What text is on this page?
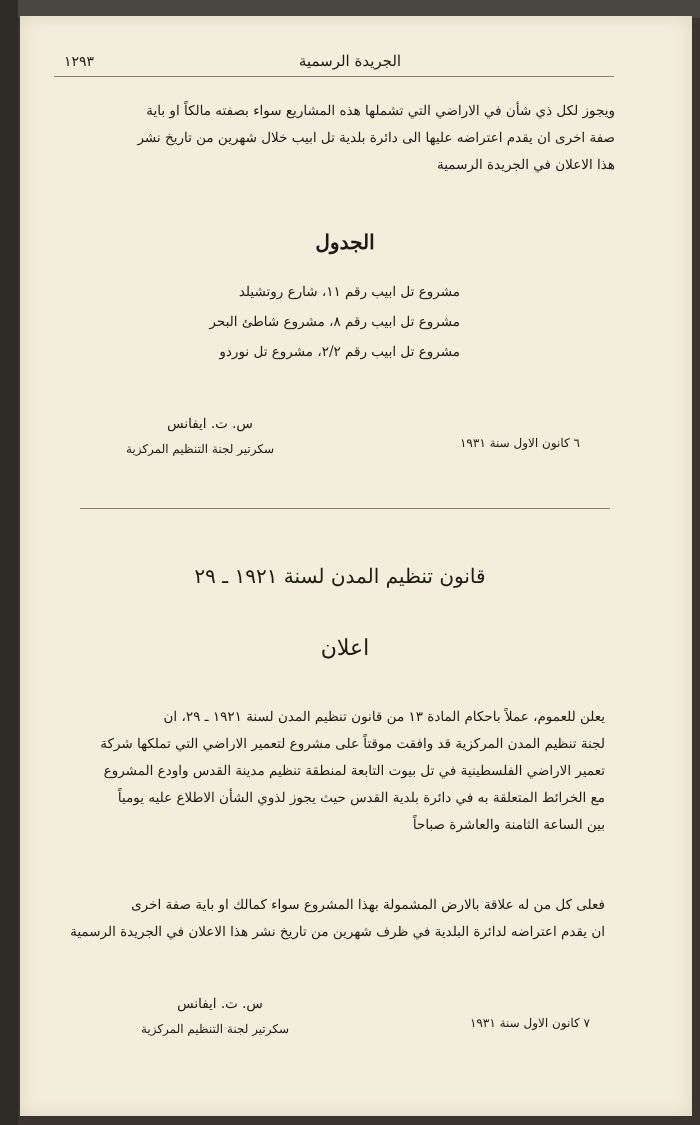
١٢٩٣	الجريدة الرسمية
ويجوز لكل ذي شأن في الاراضي التي تشملها هذه المشاريع سواء بصفته مالكاً او باية
صفة اخرى ان يقدم اعتراضه عليها الى دائرة بلدية تل ابيب خلال شهرين من تاريخ نشر
هذا الاعلان في الجريدة الرسمية
الجدول
مشروع تل ابيب رقم ١١، شارع روتشيلد
مشروع تل ابيب رقم ٨، مشروع شاطئ البحر
مشروع تل ابيب رقم ٢/٢، مشروع تل نوردو
س. ت. ايفانس
سكرتير لجنة التنظيم المركزية	٦ كانون الاول سنة ١٩٣١
قانون تنظيم المدن لسنة ١٩٢١ ـ ٢٩
اعلان
يعلن للعموم، عملاً باحكام المادة ١٣ من قانون تنظيم المدن لسنة ١٩٢١ ـ ٢٩، ان
لجنة تنظيم المدن المركزية قد وافقت موقتاً على مشروع لتعمير الاراضي التي تملكها شركة
تعمير الاراضي الفلسطينية في تل بيوت التابعة لمنطقة تنظيم مدينة القدس واودع المشروع
مع الخرائط المتعلقة به في دائرة بلدية القدس حيث يجوز لذوي الشأن الاطلاع عليه يومياً
بين الساعة الثامنة والعاشرة صباحاً
فعلى كل من له علاقة بالارض المشمولة بهذا المشروع سواء كمالك او باية صفة اخرى
ان يقدم اعتراضه لدائرة البلدية في ظرف شهرين من تاريخ نشر هذا الاعلان في الجريدة الرسمية
س. ت. ايفانس
سكرتير لجنة التنظيم المركزية	٧ كانون الاول سنة ١٩٣١
